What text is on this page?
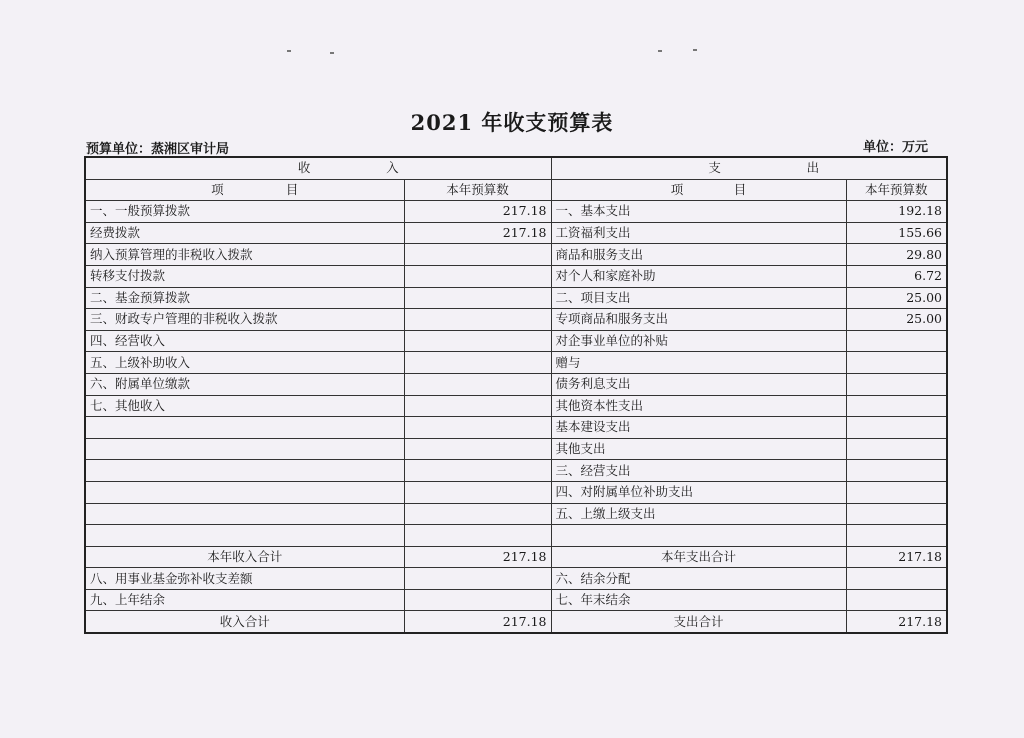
2021 年收支预算表
预算单位：蒸湘区审计局	单位：万元
收 入		支 出	

项 目	本年预算数	项 目	本年预算数
一、一般预算拨款	217.18	一、基本支出	192.18
经费拨款	217.18	工资福利支出	155.66
纳入预算管理的非税收入拨款		商品和服务支出	29.80
转移支付拨款		对个人和家庭补助	6.72
二、基金预算拨款		二、项目支出	25.00
三、财政专户管理的非税收入拨款		专项商品和服务支出	25.00
四、经营收入		对企事业单位的补贴	
五、上级补助收入		赠与	
六、附属单位缴款		债务利息支出	
七、其他收入		其他资本性支出	
		基本建设支出	
		其他支出	
		三、经营支出	
		四、对附属单位补助支出	
		五、上缴上级支出	

本年收入合计	217.18	本年支出合计	217.18
八、用事业基金弥补收支差额		六、结余分配	
九、上年结余		七、年末结余	
收入合计	217.18	支出合计	217.18
